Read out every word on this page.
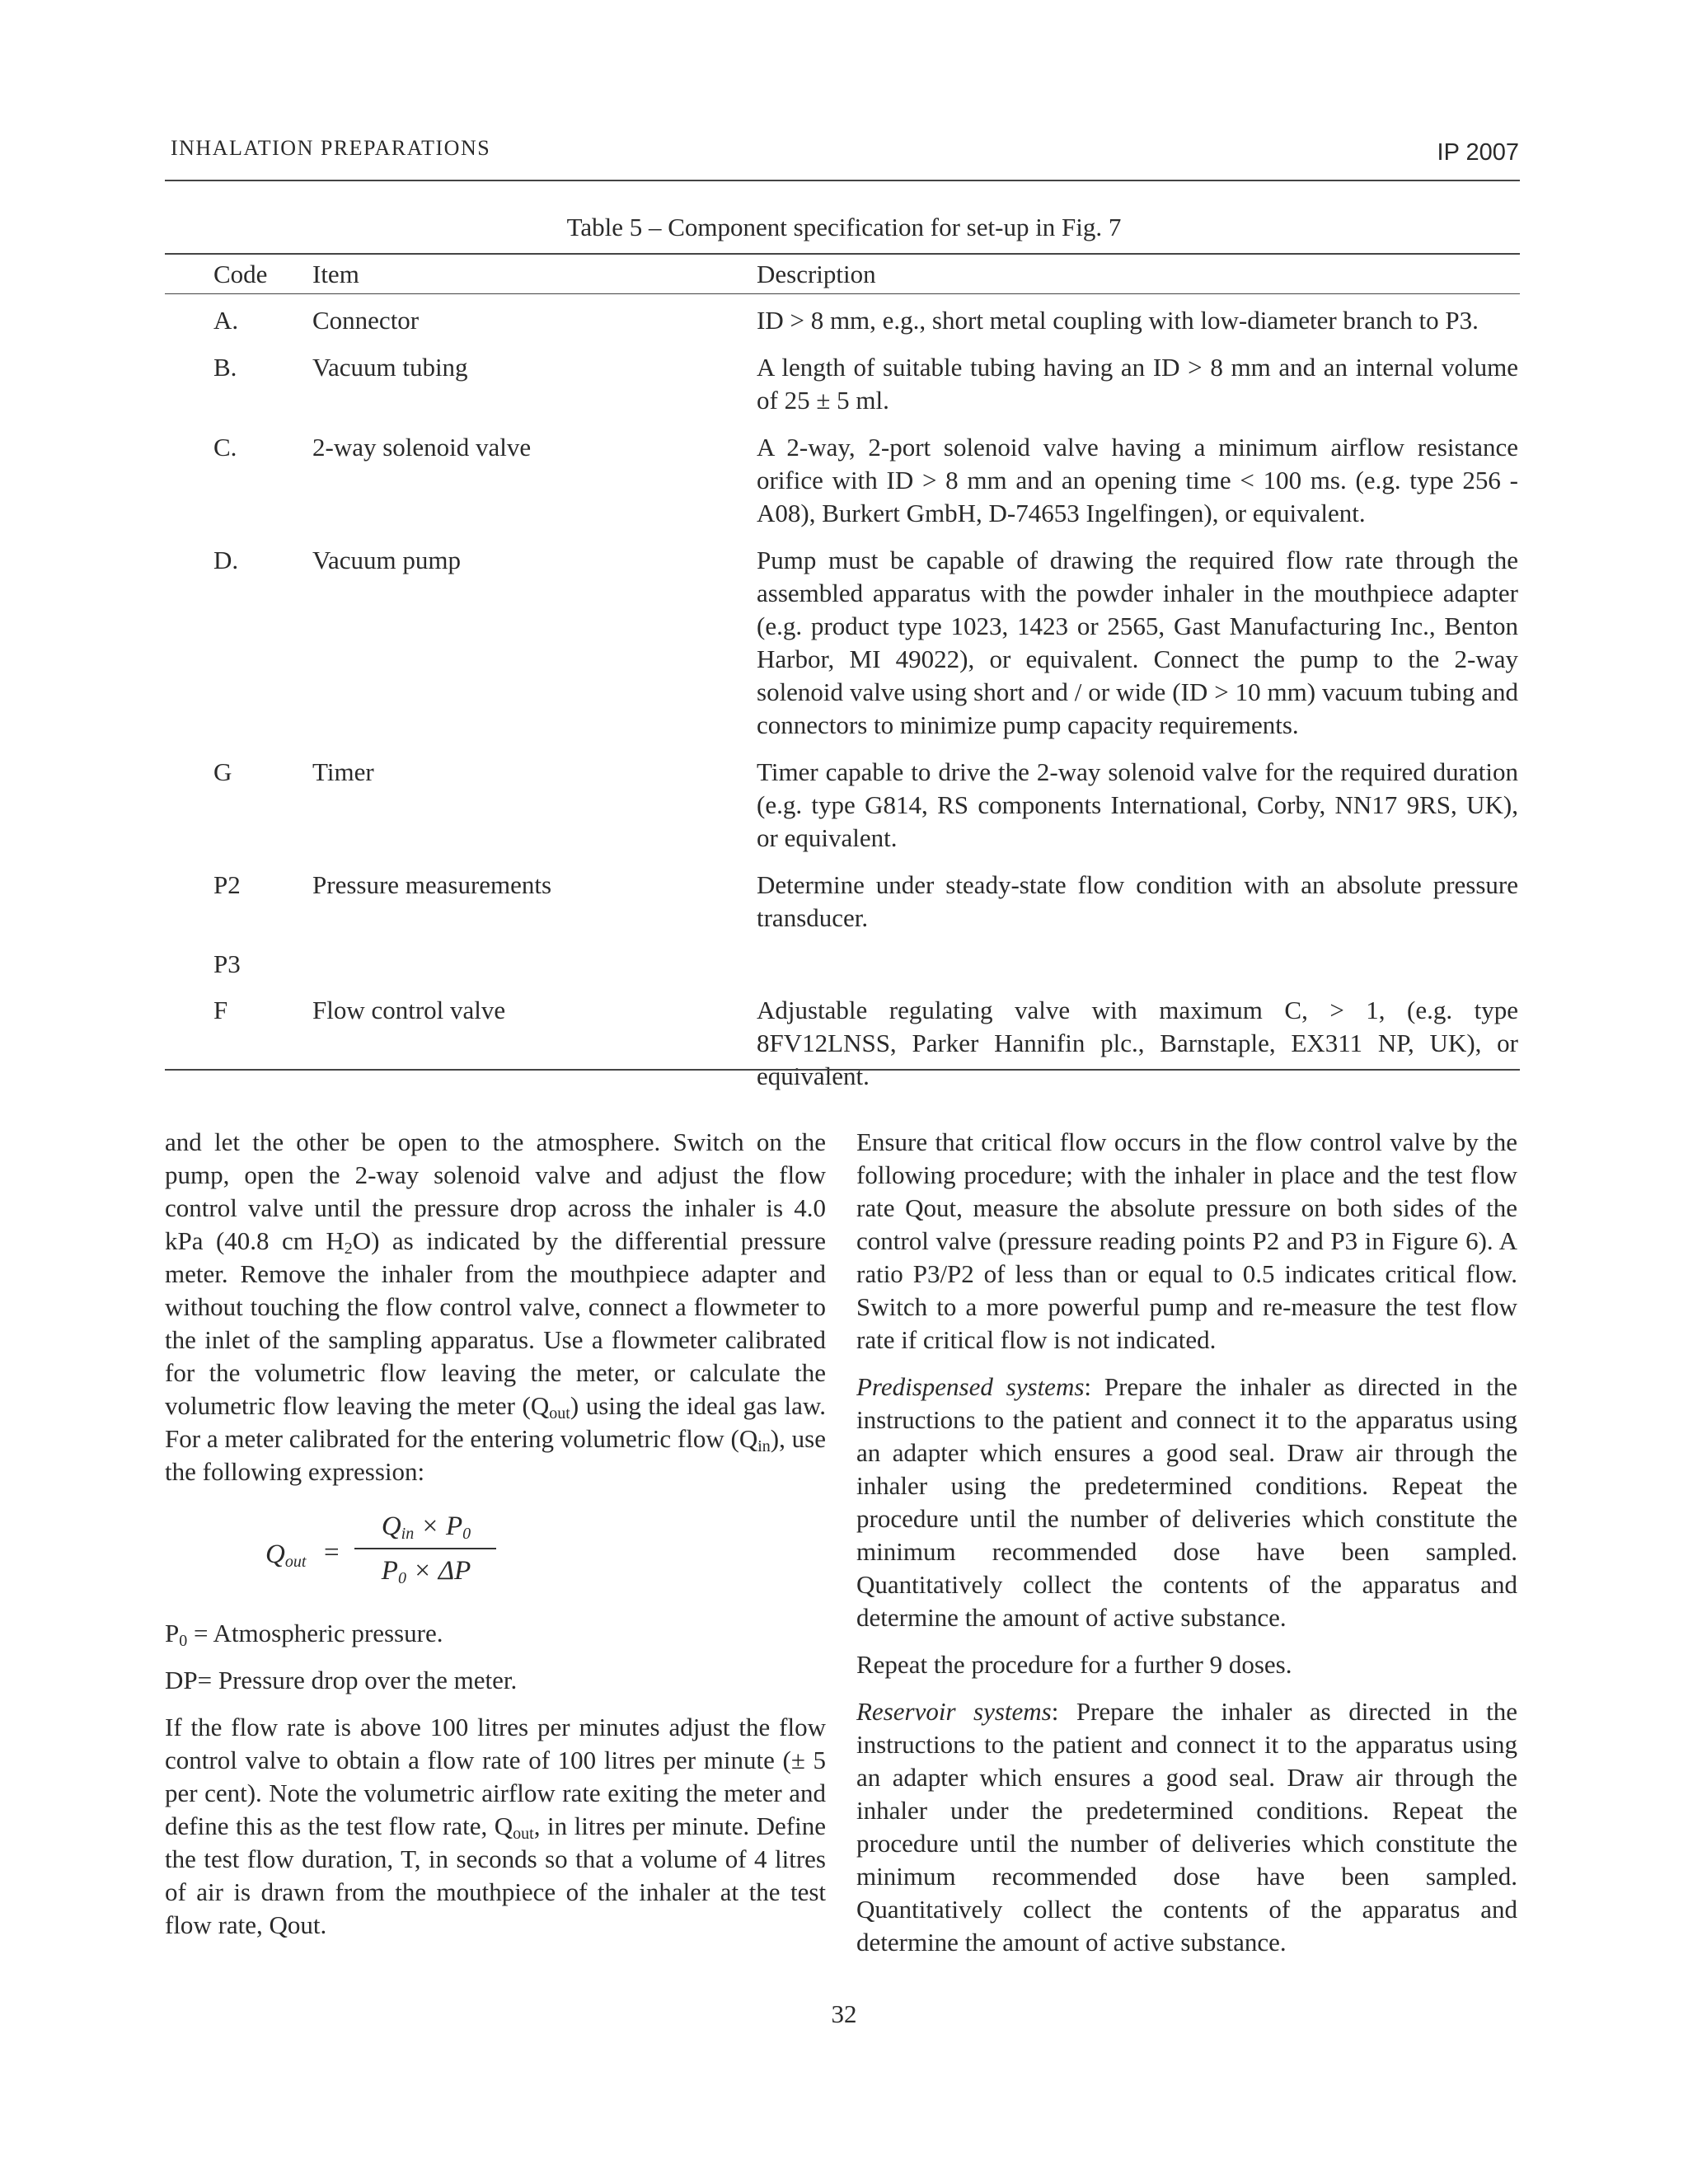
INHALATION PREPARATIONS	IP 2007
Table 5 – Component specification for set-up in Fig. 7
Code Item	Description
A.	Connector	ID > 8 mm, e.g., short metal coupling with low-diameter branch to P3.
B.	Vacuum tubing	A length of suitable tubing having an ID > 8 mm and an internal volume of 25 ± 5 ml.
C.	2-way solenoid valve	A 2-way, 2-port solenoid valve having a minimum airflow resistance orifice with ID > 8 mm and an opening time < 100 ms. (e.g. type 256 - A08), Burkert GmbH, D-74653 Ingelfingen), or equivalent.
D.	Vacuum pump	Pump must be capable of drawing the required flow rate through the assembled apparatus with the powder inhaler in the mouthpiece adapter (e.g. product type 1023, 1423 or 2565, Gast Manufacturing Inc., Benton Harbor, MI 49022), or equivalent. Connect the pump to the 2-way solenoid valve using short and / or wide (ID > 10 mm) vacuum tubing and connectors to minimize pump capacity requirements.
G	Timer	Timer capable to drive the 2-way solenoid valve for the required duration (e.g. type G814, RS components International, Corby, NN17 9RS, UK), or equivalent.
P2	Pressure measurements	Determine under steady-state flow condition with an absolute pressure transducer.
P3
F	Flow control valve	Adjustable regulating valve with maximum C, > 1, (e.g. type 8FV12LNSS, Parker Hannifin plc., Barnstaple, EX311 NP, UK), or equivalent.

and let the other be open to the atmosphere. Switch on the pump, open the 2-way solenoid valve and adjust the flow control valve until the pressure drop across the inhaler is 4.0 kPa (40.8 cm $H_2O$) as indicated by the differential pressure meter. Remove the inhaler from the mouthpiece adapter and without touching the flow control valve, connect a flowmeter to the inlet of the sampling apparatus. Use a flowmeter calibrated for the volumetric flow leaving the meter, or calculate the volumetric flow leaving the meter $(Q_{out})$ using the ideal gas law. For a meter calibrated for the entering volumetric flow $(Q_{in})$, use the following expression:

$Q_{out}$ =
$Q_{in} \times P_0$
$P_0 \times \Delta P$

$P_0$ = Atmospheric pressure.

DP= Pressure drop over the meter.

If the flow rate is above 100 litres per minutes adjust the flow control valve to obtain a flow rate of 100 litres per minute (± 5 per cent). Note the volumetric airflow rate exiting the meter and define this as the test flow rate, $Q_{out}$, in litres per minute. Define the test flow duration, T, in seconds so that a volume of 4 litres of air is drawn from the mouthpiece of the inhaler at the test flow rate, Qout.

Ensure that critical flow occurs in the flow control valve by the following procedure; with the inhaler in place and the test flow rate Qout, measure the absolute pressure on both sides of the control valve (pressure reading points P2 and P3 in Figure 6). A ratio P3/P2 of less than or equal to 0.5 indicates critical flow. Switch to a more powerful pump and re-measure the test flow rate if critical flow is not indicated.

Predispensed systems: Prepare the inhaler as directed in the instructions to the patient and connect it to the apparatus using an adapter which ensures a good seal. Draw air through the inhaler using the predetermined conditions. Repeat the procedure until the number of deliveries which constitute the minimum recommended dose have been sampled. Quantitatively collect the contents of the apparatus and determine the amount of active substance.

Repeat the procedure for a further 9 doses.

Reservoir systems: Prepare the inhaler as directed in the instructions to the patient and connect it to the apparatus using an adapter which ensures a good seal. Draw air through the inhaler under the predetermined conditions. Repeat the procedure until the number of deliveries which constitute the minimum recommended dose have been sampled. Quantitatively collect the contents of the apparatus and determine the amount of active substance.

32
